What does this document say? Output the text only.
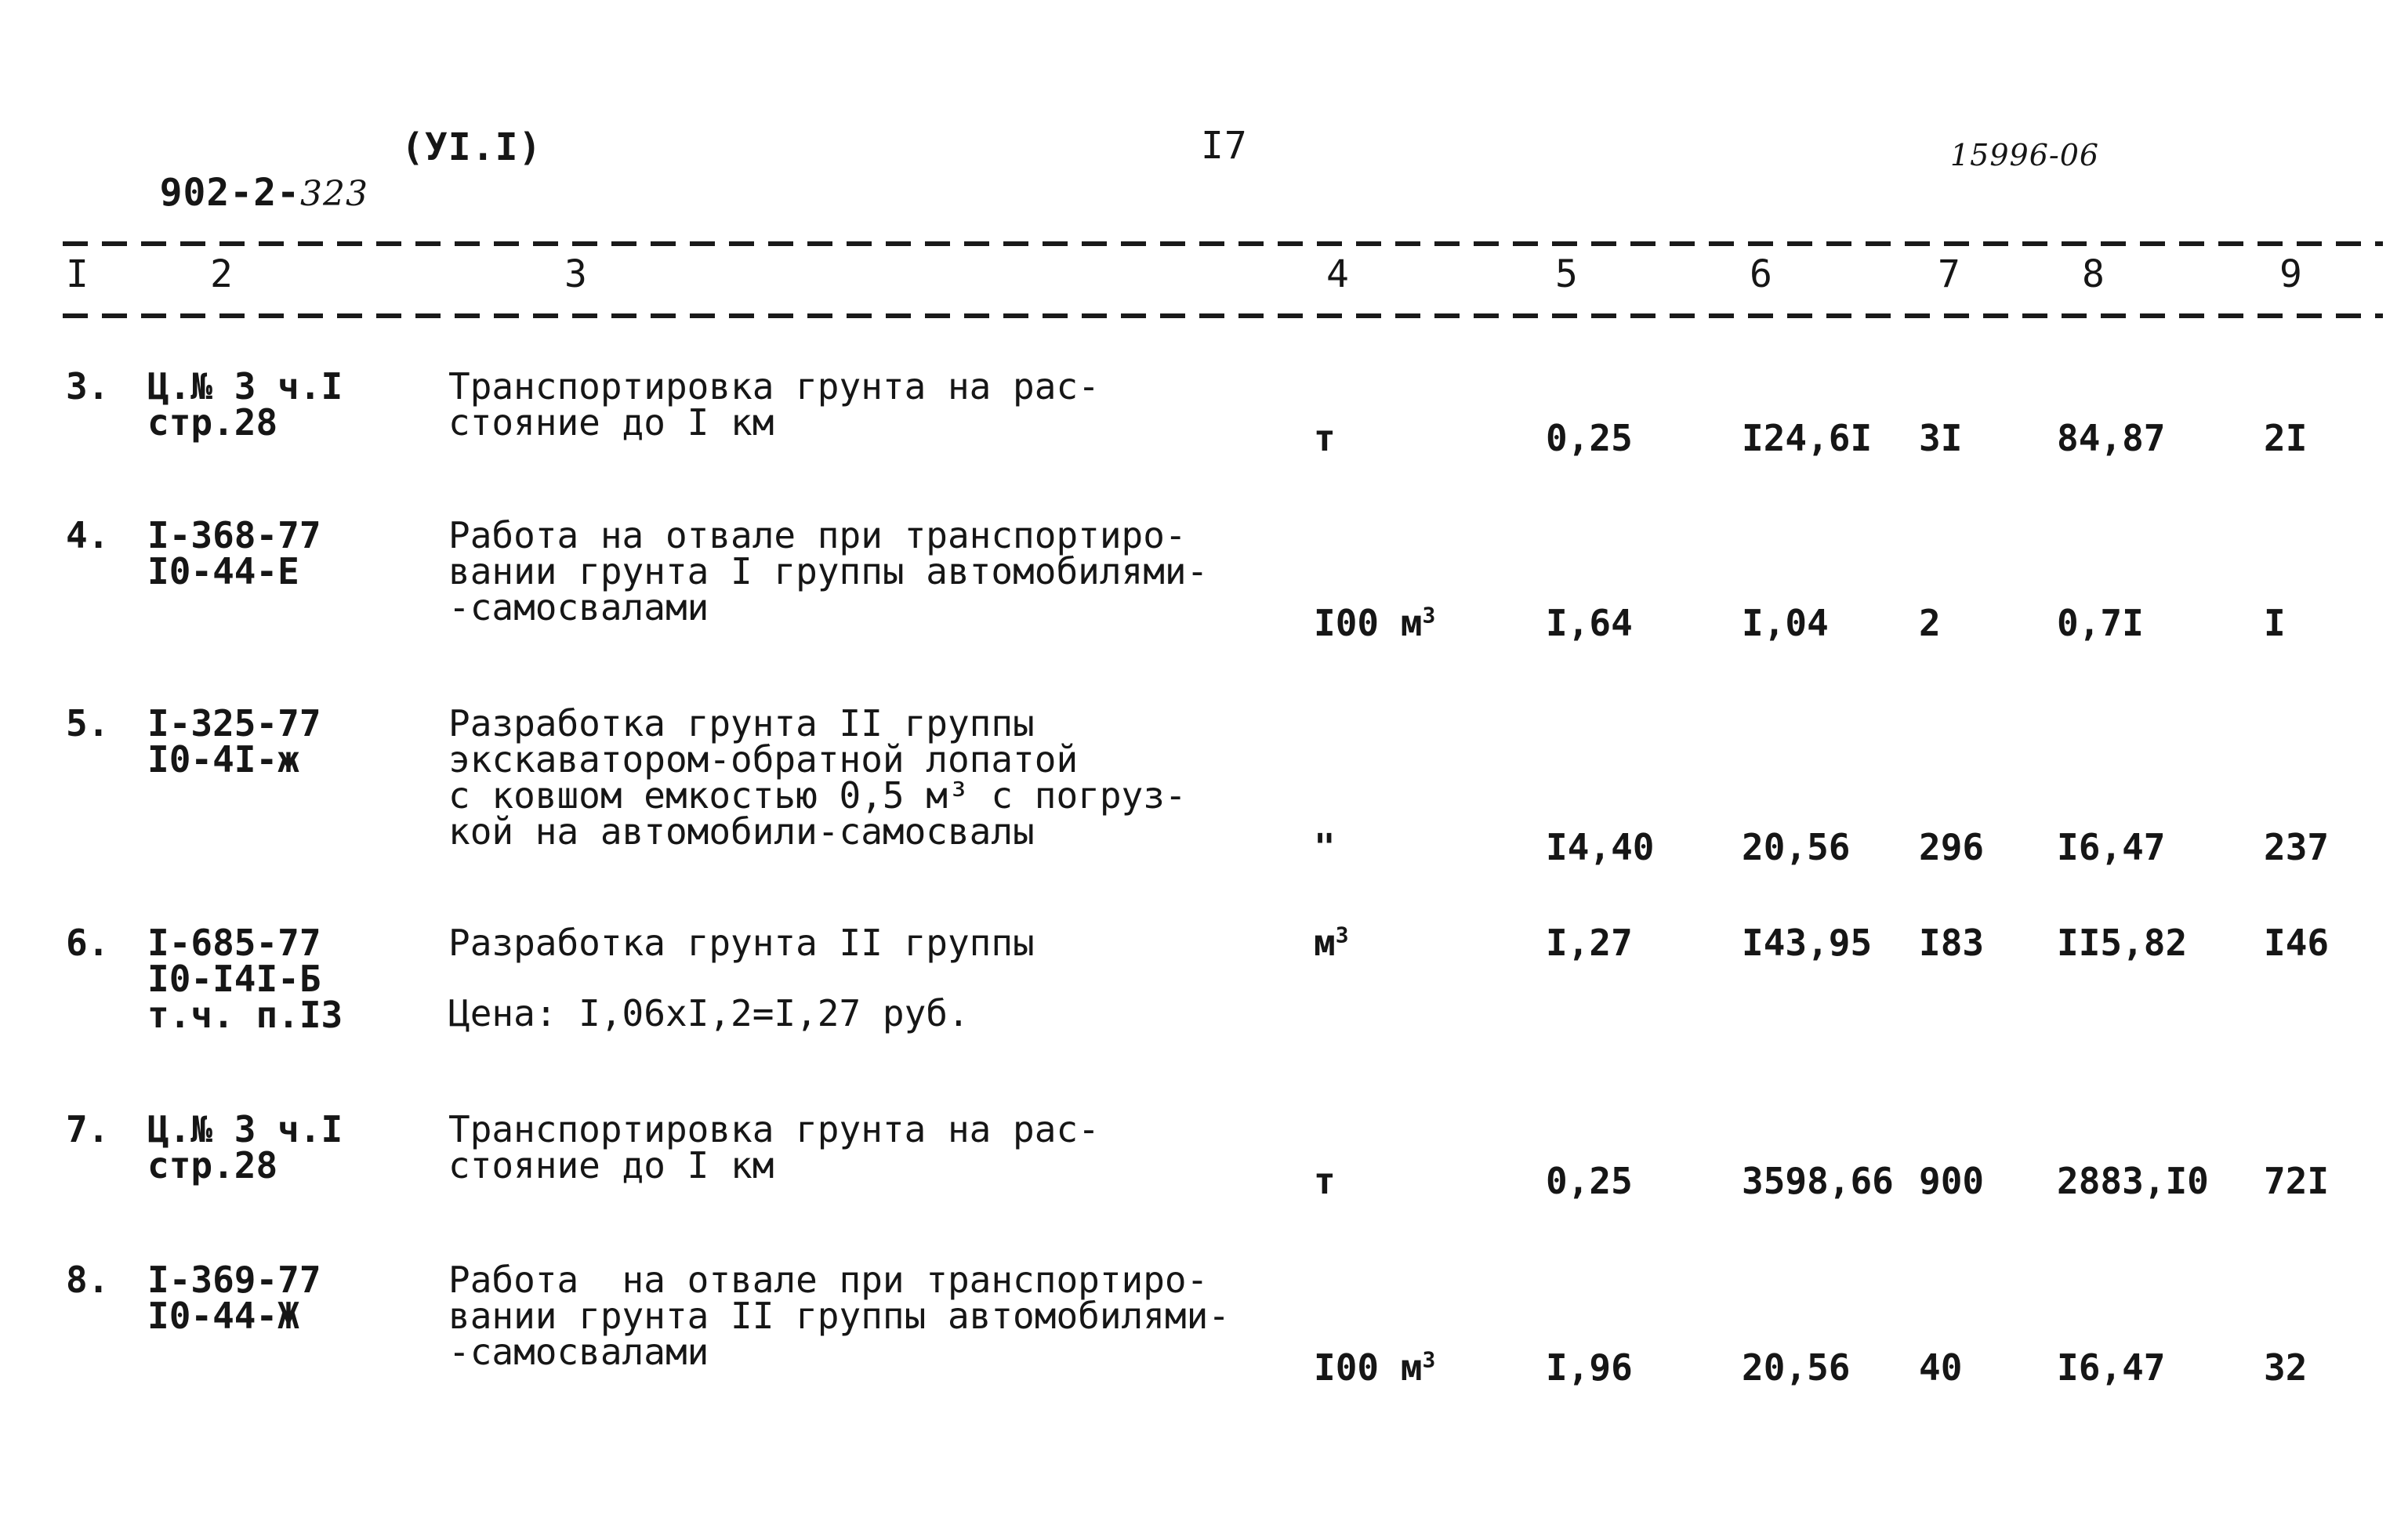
902-2-323

(УI.I)	I7	15996-06
I	2	3	4	5	6	7	8	9
3. Ц.№ 3 ч.I
стр.28
Транспортировка грунта на рас-
стояние до I км	т	0,25	I24,6I 3I	84,87	2I
4. I-368-77
I0-44-Е
Работа на отвале при транспортиро-
вании грунта I группы автомобилями-
-самосвалами	I00 $м^3$	I,64	I,04	2	0,7I	I
5. I-325-77
I0-4I-ж
Разработка грунта II группы
экскаватором-обратной лопатой
с ковшом емкостью 0,5 м³ с погруз-
кой на автомобили-самосвалы	"	I4,40 20,56 296 I6,47	237
6. I-685-77
I0-I4I-Б
т.ч. п.I3
Разработка грунта II группы
Цена: I,06хI,2=I,27 руб.
$м^3$	I,27	I43,95 I83 II5,82 I46
7. Ц.№ 3 ч.I
стр.28
Транспортировка грунта на рас-
стояние до I км	т	0,25	3598,66 900 2883,I0 72I
8. I-369-77
I0-44-Ж
Работа  на отвале при транспортиро-
вании грунта II группы автомобилями-
-самосвалами	I00 $м^3$	I,96	20,56 40	I6,47	32
